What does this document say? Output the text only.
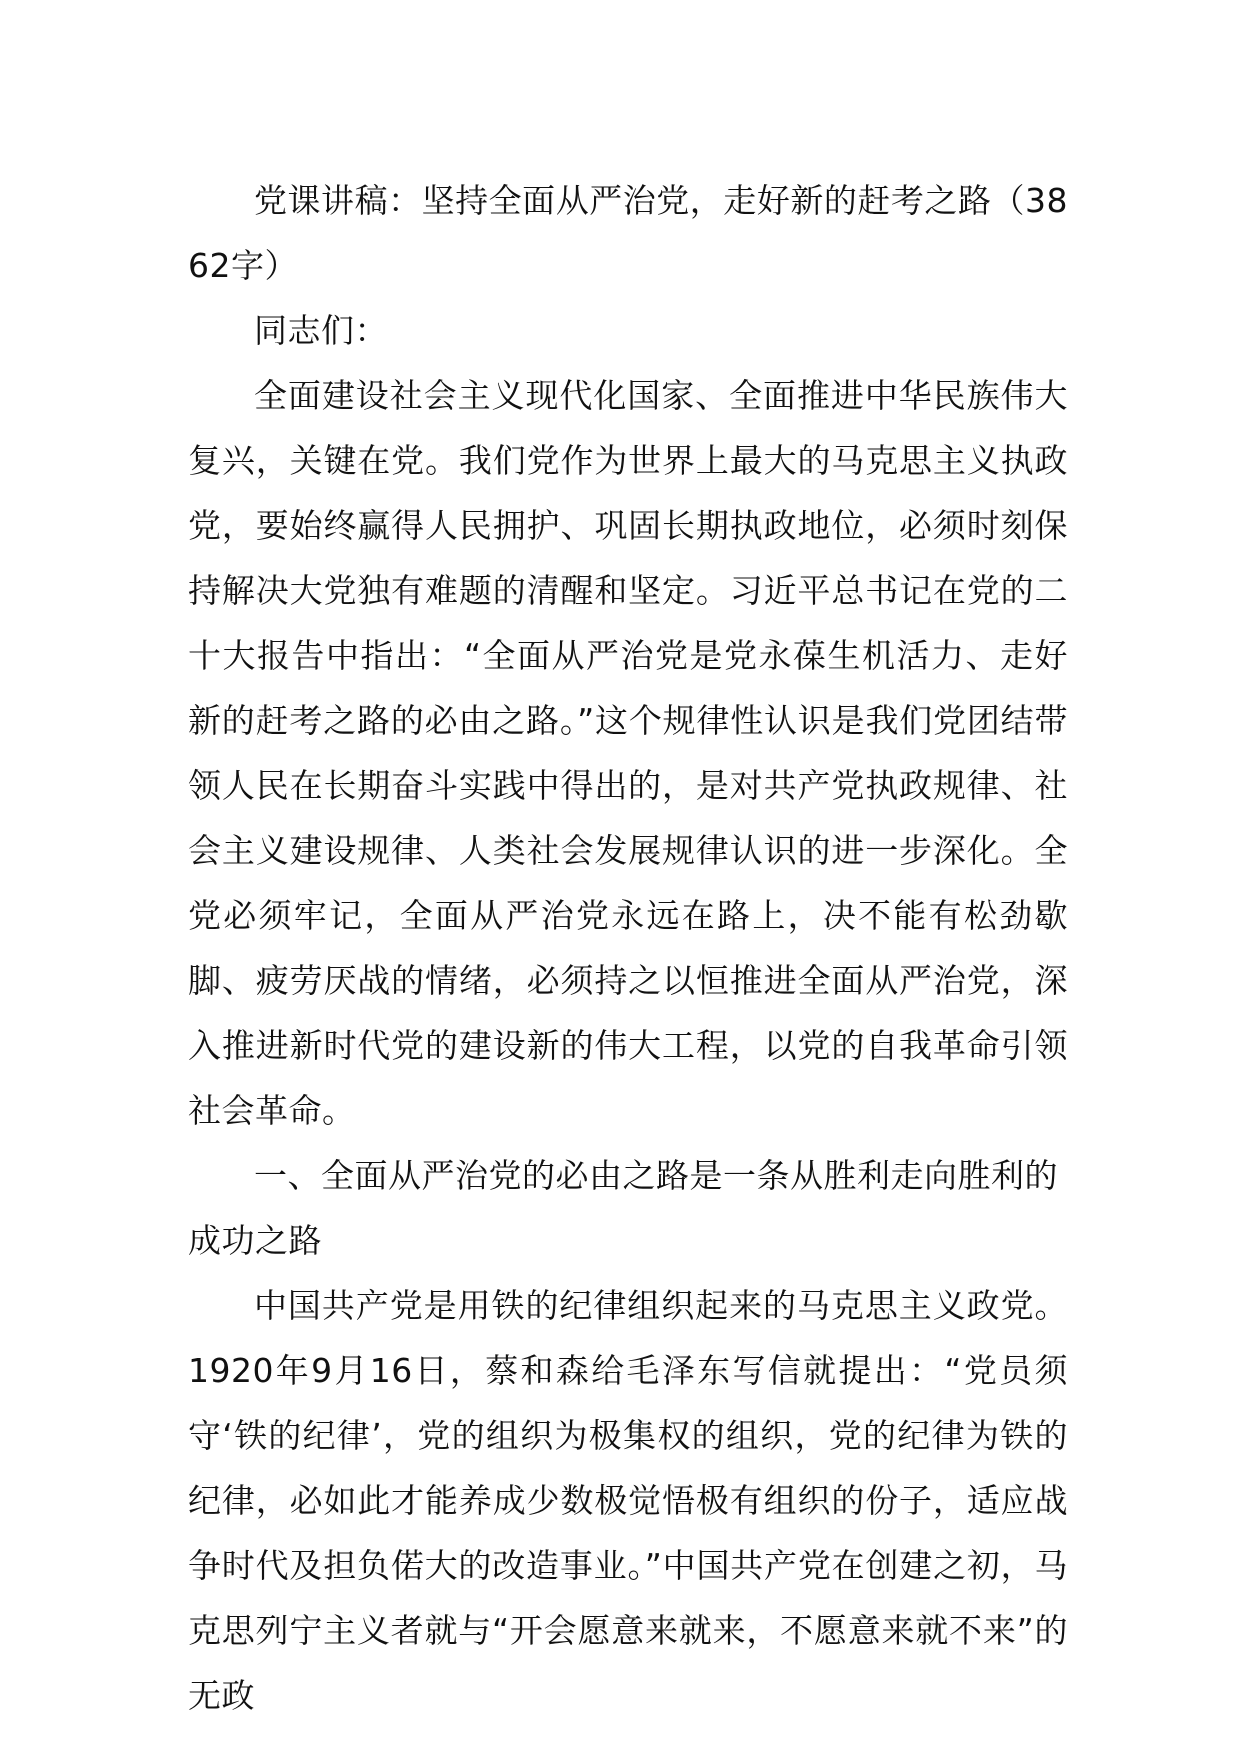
党课讲稿：坚持全面从严治党，走好新的赶考之路（3862字）

同志们：

全面建设社会主义现代化国家、全面推进中华民族伟大复兴，关键在党。我们党作为世界上最大的马克思主义执政党，要始终赢得人民拥护、巩固长期执政地位，必须时刻保持解决大党独有难题的清醒和坚定。习近平总书记在党的二十大报告中指出：“全面从严治党是党永葆生机活力、走好新的赶考之路的必由之路。”这个规律性认识是我们党团结带领人民在长期奋斗实践中得出的，是对共产党执政规律、社会主义建设规律、人类社会发展规律认识的进一步深化。全党必须牢记，全面从严治党永远在路上，决不能有松劲歇脚、疲劳厌战的情绪，必须持之以恒推进全面从严治党，深入推进新时代党的建设新的伟大工程，以党的自我革命引领社会革命。

一、全面从严治党的必由之路是一条从胜利走向胜利的成功之路

中国共产党是用铁的纪律组织起来的马克思主义政党。1920年9月16日，蔡和森给毛泽东写信就提出：“党员须守‘铁的纪律’，党的组织为极集权的组织，党的纪律为铁的纪律，必如此才能养成少数极觉悟极有组织的份子，适应战争时代及担负偌大的改造事业。”中国共产党在创建之初，马克思列宁主义者就与“开会愿意来就来，不愿意来就不来”的无政
